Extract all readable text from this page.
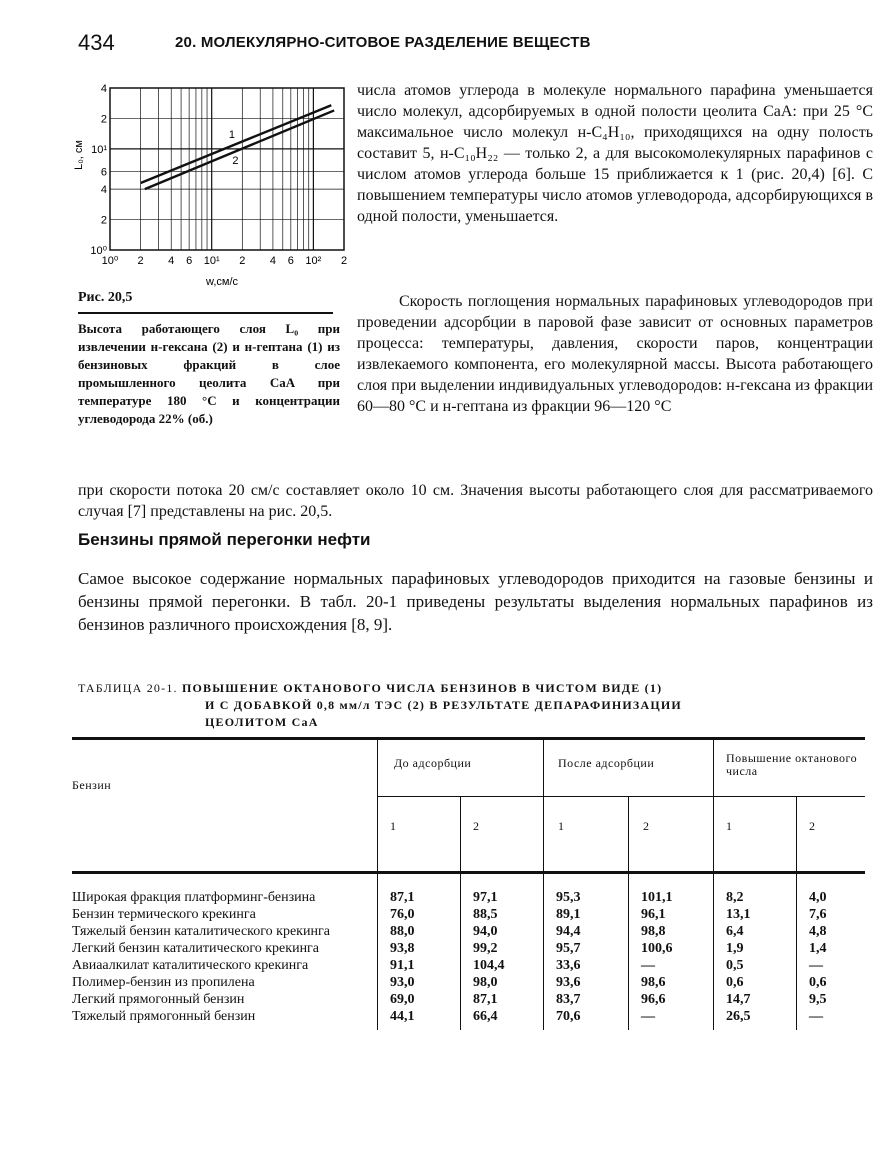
434	20. МОЛЕКУЛЯРНО-СИТОВОЕ РАЗДЕЛЕНИЕ ВЕЩЕСТВ
10⁰ 2 4 6 10¹ 2 4 6 10² 2
4
2
10¹
6
4
2
10⁰
1
2
w,см/с
L₀, см
Рис. 20,5
Высота работающего слоя L₀ при извлечении н-гексана (2) и н-гептана (1) из бензиновых фракций в слое промышленного цеолита CaA при температуре 180 °C и концентрации углеводорода 22% (об.)

числа атомов углерода в молекуле нормального парафина уменьшается число молекул, адсорбируемых в одной полости цеолита CaA: при 25 °C максимальное число молекул н-C₄H₁₀, приходящихся на одну полость составит 5, н-C₁₀H₂₂ — только 2, а для высокомолекулярных парафинов с числом атомов углерода больше 15 приближается к 1 (рис. 20,4) [6]. С повышением температуры число атомов углеводорода, адсорбирующихся в одной полости, уменьшается.

Скорость поглощения нормальных парафиновых углеводородов при проведении адсорбции в паровой фазе зависит от основных параметров процесса: температуры, давления, скорости паров, концентрации извлекаемого компонента, его молекулярной массы. Высота работающего слоя при выделении индивидуальных углеводородов: н-гексана из фракции 60—80 °C и н-гептана из фракции 96—120 °C

при скорости потока 20 см/с составляет около 10 см. Значения высоты работающего слоя для рассматриваемого случая [7] представлены на рис. 20,5.

Бензины прямой перегонки нефти

Самое высокое содержание нормальных парафиновых углеводородов приходится на газовые бензины и бензины прямой перегонки. В табл. 20-1 приведены результаты выделения нормальных парафинов из бензинов различного происхождения [8, 9].

ТАБЛИЦА 20-1. ПОВЫШЕНИЕ ОКТАНОВОГО ЧИСЛА БЕНЗИНОВ В ЧИСТОМ ВИДЕ (1)
И С ДОБАВКОЙ 0,8 мм/л ТЭС (2) В РЕЗУЛЬТАТЕ ДЕПАРАФИНИЗАЦИИ
ЦЕОЛИТОМ CaA
Бензин	До адсорбции		После адсорбции		Повышение октанового числа	
	1	2	1	2	1	2
Широкая фракция платформинг-бензина	87,1	97,1	95,3	101,1	8,2	4,0
Бензин термического крекинга	76,0	88,5	89,1	96,1	13,1	7,6
Тяжелый бензин каталитического крекинга	88,0	94,0	94,4	98,8	6,4	4,8
Легкий бензин каталитического крекинга	93,8	99,2	95,7	100,6	1,9	1,4
Авиаалкилат каталитического крекинга	91,1	104,4	33,6	—	0,5	—
Полимер-бензин из пропилена	93,0	98,0	93,6	98,6	0,6	0,6
Легкий прямогонный бензин	69,0	87,1	83,7	96,6	14,7	9,5
Тяжелый прямогонный бензин	44,1	66,4	70,6	—	26,5	—
